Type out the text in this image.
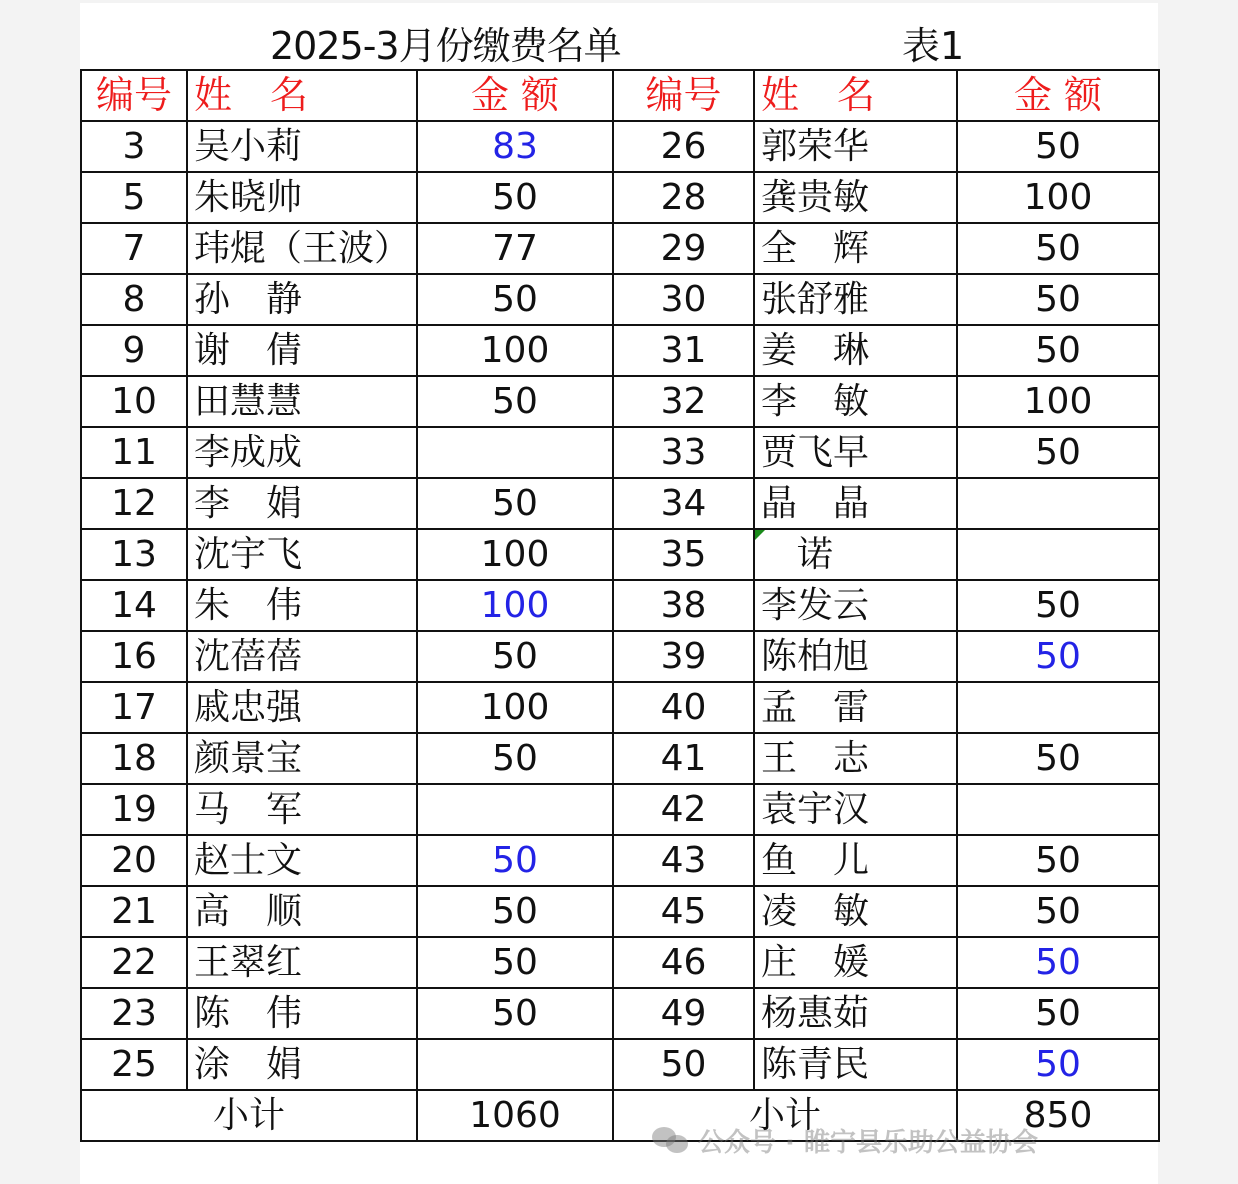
2025-3月份缴费名单	表1
编号	姓　名	金 额	编号	姓　名	金 额
3	吴小莉	83	26	郭荣华	50
5	朱晓帅	50	28	龚贵敏	100
7	玮焜（王波）	77	29	全　辉	50
8	孙　静	50	30	张舒雅	50
9	谢　倩	100	31	姜　琳	50
10	田慧慧	50	32	李　敏	100
11	李成成		33	贾飞早	50
12	李　娟	50	34	晶　晶	
13	沈宇飞	100	35	　诺	
14	朱　伟	100	38	李发云	50
16	沈蓓蓓	50	39	陈柏旭	50
17	戚忠强	100	40	孟　雷	
18	颜景宝	50	41	王　志	50
19	马　军		42	袁宇汉	
20	赵士文	50	43	鱼　儿	50
21	高　顺	50	45	凌　敏	50
22	王翠红	50	46	庄　媛	50
23	陈　伟	50	49	杨惠茹	50
25	涂　娟		50	陈青民	50
小计		1060	小计		850
公众号 · 睢宁县乐助公益协会
